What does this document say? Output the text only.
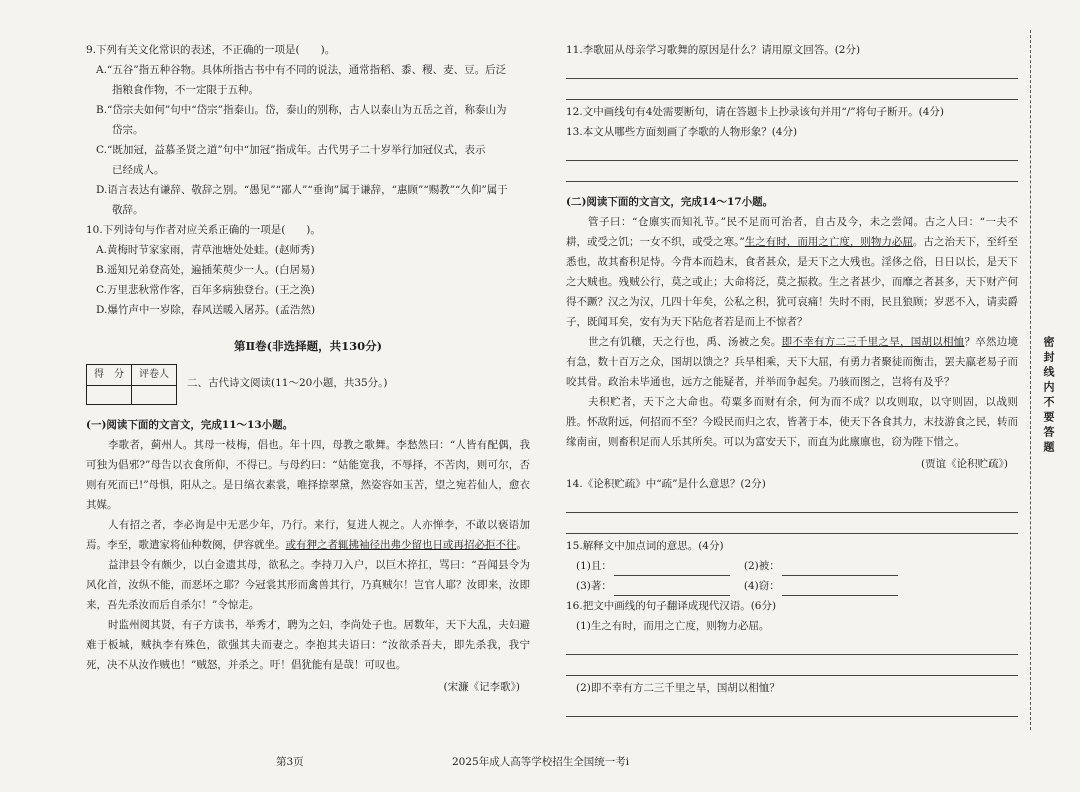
9.下列有关文化常识的表述，不正确的一项是(　　)。

A.“五谷”指五种谷物。具体所指古书中有不同的说法，通常指稻、黍、稷、麦、豆。后泛

指粮食作物，不一定限于五种。

B.“岱宗夫如何”句中“岱宗”指泰山。岱，泰山的别称，古人以泰山为五岳之首，称泰山为

岱宗。

C.“既加冠，益慕圣贤之道”句中“加冠”指成年。古代男子二十岁举行加冠仪式，表示

已经成人。

D.语言表达有谦辞、敬辞之别。“愚见”“鄙人”“垂询”属于谦辞，“惠顾”“赐教”“久仰”属于

敬辞。

10.下列诗句与作者对应关系正确的一项是(　　)。

A.黄梅时节家家雨，青草池塘处处蛙。(赵师秀)

B.遥知兄弟登高处，遍插茱萸少一人。(白居易)

C.万里悲秋常作客，百年多病独登台。(王之涣)

D.爆竹声中一岁除，春风送暖入屠苏。(孟浩然)

第Ⅱ卷(非选择题，共130分)
得　分	评卷人

二、古代诗文阅读(11～20小题，共35分。)
(一)阅读下面的文言文，完成11～13小题。

李歌者，蓟州人。其母一枝梅，倡也。年十四，母教之歌舞。李愁然曰：“人皆有配偶，我可独为倡邪?”母告以衣食所仰，不得已。与母约曰：“姑能宽我，不辱择，不苦肉，则可尔，否则有死而已!”母惧，阳从之。是日缟衣素裳，唯择捺翠黛，然姿容如玉苦，望之宛若仙人，愈衣其媒。

人有招之者，李必询是中无恶少年，乃行。来行，复进人视之。人亦惮李，不敢以亵语加焉。李至，歌遣家将仙种数阕，伊容就坐。或有狎之者辄拂袖径出弗少留也日或再招必拒不往。

益津县令有颇少，以白金遗其母，欲私之。李持刀入户，以巨木捽扛，骂曰：“吾闻县令为风化首，汝纵不能，而恶坏之耶？今冠裳其形而禽兽其行，乃真贼尔！岂官人耶？汝即来，汝即来，吾先杀汝而后自杀尔！”令惊走。

时监州阅其贤，有子方读书，举秀才，聘为之妇，李尚处子也。居数年，天下大乱，夫妇避难于板城，贼执李有殊色，欲强其夫而妻之。李抱其夫语曰：“汝欲杀吾夫，即先杀我，我宁死，决不从汝作贼也！”贼怒，并杀之。吁！倡犹能有是哉！可叹也。

(宋濂《记李歌》)

11.李歌屈从母亲学习歌舞的原因是什么？请用原文回答。(2分)

12.文中画线句有4处需要断句，请在答题卡上抄录该句并用“/”将句子断开。(4分)

13.本文从哪些方面刻画了李歌的人物形象？(4分)

(二)阅读下面的文言文，完成14～17小题。

管子曰：“仓廪实而知礼节。”民不足而可治者，自古及今，未之尝闻。古之人曰：“一夫不耕，或受之饥；一女不织，或受之寒。”生之有时，而用之亡度，则物力必屈。古之治天下，至纤至悉也，故其畜积足恃。今背本而趋末，食者甚众，是天下之大残也。淫侈之俗，日日以长，是天下之大贼也。残贼公行，莫之或止；大命将泛，莫之振救。生之者甚少，而靡之者甚多，天下财产何得不蹶？汉之为汉，几四十年矣，公私之积，犹可哀痛！失时不雨，民且狼顾；岁恶不入，请卖爵子，既闻耳矣，安有为天下阽危者若是而上不惊者？

世之有饥穰，天之行也，禹、汤被之矣。即不幸有方二三千里之旱，国胡以相恤？卒然边境有急，数十百万之众，国胡以馈之？兵旱相乘，天下大屈，有勇力者聚徒而衡击，罢夫羸老易子而咬其骨。政治未毕通也，远方之能疑者，并举而争起矣。乃骇而图之，岂将有及乎？

夫积贮者，天下之大命也。苟粟多而财有余，何为而不成？以攻则取，以守则固，以战则胜。怀敌附远，何招而不至？今殴民而归之农，皆著于本，使天下各食其力，末技游食之民，转而缘南亩，则畜积足而人乐其所矣。可以为富安天下，而直为此廪廪也，窃为陛下惜之。

(贾谊《论积贮疏》)

14.《论积贮疏》中“疏”是什么意思？(2分)

15.解释文中加点词的意思。(4分)

(1)且：	(2)被：
(3)著：	(4)窃：

16.把文中画线的句子翻译成现代汉语。(6分)

(1)生之有时，而用之亡度，则物力必屈。

(2)即不幸有方二三千里之旱，国胡以相恤？

第3页	2025年成人高等学校招生全国统一考i
密封线内不要答题
